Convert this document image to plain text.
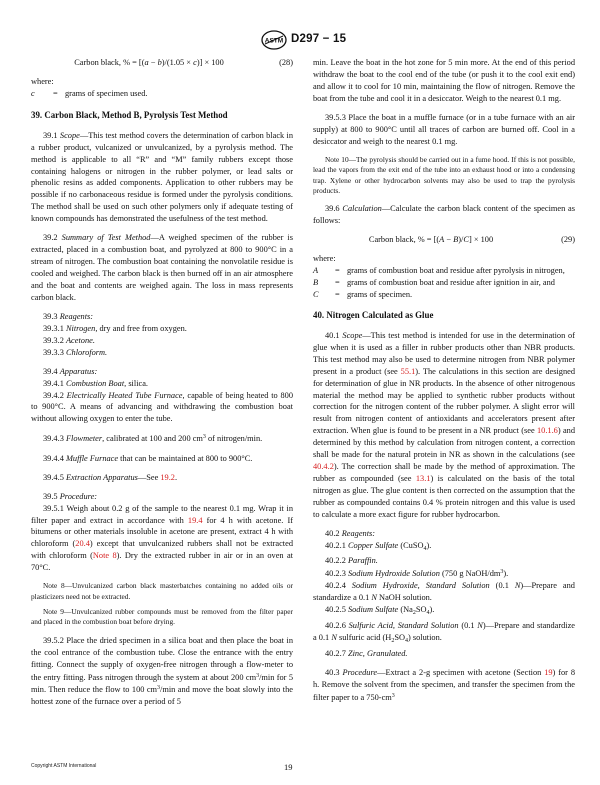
ASTM D297 − 15
Carbon black, % = [(a − b)/(1.05 × c)] × 100	(28)
where:
c	= grams of specimen used.
39. Carbon Black, Method B, Pyrolysis Test Method
39.1 Scope—This test method covers the determination of carbon black in a rubber product, vulcanized or unvulcanized, by a pyrolysis method. The method is applicable to all “R” and “M” family rubbers except those containing halogens or nitrogen in the rubber polymer, or lead salts or phenolic resins as added components. Application to other rubbers may be possible if no carbonaceous residue is formed under the pyrolysis conditions. The method shall be used on such other polymers only if adequate testing of known compounds has demonstrated the usefulness of the test method.
39.2 Summary of Test Method—A weighed specimen of the rubber is extracted, placed in a combustion boat, and pyrolyzed at 800 to 900°C in a stream of nitrogen. The combustion boat containing the nonvolatile residue is cooled and weighed. The carbon black is then burned off in an air atmosphere and the boat and contents are weighed again. The loss in mass represents carbon black.
39.3 Reagents:
39.3.1 Nitrogen, dry and free from oxygen.
39.3.2 Acetone.
39.3.3 Chloroform.
39.4 Apparatus:
39.4.1 Combustion Boat, silica.
39.4.2 Electrically Heated Tube Furnace, capable of being heated to 800 to 900°C. A means of advancing and withdrawing the combustion boat without allowing oxygen to enter the tube.
39.4.3 Flowmeter, calibrated at 100 and 200 $cm^3$ of nitrogen/min.
39.4.4 Muffle Furnace that can be maintained at 800 to 900°C.
39.4.5 Extraction Apparatus—See 19.2.
39.5 Procedure:
39.5.1 Weigh about 0.2 g of the sample to the nearest 0.1 mg. Wrap it in filter paper and extract in accordance with 19.4 for 4 h with acetone. If bitumens or other materials insoluble in acetone are present, extract 4 h with chloroform (20.4) except that unvulcanized rubbers shall not be extracted with chloroform (Note 8). Dry the extracted rubber in air or in an oven at 70°C.
Note 8—Unvulcanized carbon black masterbatches containing no added oils or plasticizers need not be extracted.
Note 9—Unvulcanized rubber compounds must be removed from the filter paper and placed in the combustion boat before drying.
39.5.2 Place the dried specimen in a silica boat and then place the boat in the cool entrance of the combustion tube. Close the entrance with the entry fitting. Connect the supply of oxygen-free nitrogen through a flow-meter to the entry fitting. Pass nitrogen through the system at about 200 $cm^3/\min$ for 5 min. Then reduce the flow to 100 $cm^3/\min$ and move the boat slowly into the hottest zone of the furnace over a period of 5
min. Leave the boat in the hot zone for 5 min more. At the end of this period withdraw the boat to the cool end of the tube (or push it to the cool exit end) and allow it to cool for 10 min, maintaining the flow of nitrogen. Remove the boat from the tube and cool it in a desiccator. Weigh to the nearest 0.1 mg.
39.5.3 Place the boat in a muffle furnace (or in a tube furnace with an air supply) at 800 to 900°C until all traces of carbon are burned off. Cool in a desiccator and weigh to the nearest 0.1 mg.
Note 10—The pyrolysis should be carried out in a fume hood. If this is not possible, lead the vapors from the exit end of the tube into an exhaust hood or into a condensing trap. Xylene or other hydrocarbon solvents may also be used to trap the pyrolysis products.
39.6 Calculation—Calculate the carbon black content of the specimen as follows:
Carbon black, % = [(A − B)/C] × 100	(29)
where:
A	= grams of combustion boat and residue after pyrolysis in nitrogen,
B	= grams of combustion boat and residue after ignition in air, and
C	= grams of specimen.
40. Nitrogen Calculated as Glue
40.1 Scope—This test method is intended for use in the determination of glue when it is used as a filler in rubber products other than NBR products. This test method may also be used to determine nitrogen from NBR polymer present in a product (see 55.1). The calculations in this section are designed for determination of glue in NR products. In the absence of other nitrogenous material the method may be applied to synthetic rubber products without correction for the nitrogen content of the rubber polymer. A slight error will result from nitrogen content of antioxidants and accelerators present after extraction. When glue is found to be present in a NR product (see 10.1.6) and determined by this method by calculation from nitrogen content, a correction shall be made for the natural protein in NR as shown in the calculations (see 40.4.2). The correction shall be made by the method of approximation. The rubber as compounded (see 13.1) is calculated on the basis of the total nitrogen as glue. The glue content is then corrected on the assumption that the rubber as compounded contains 0.4 % protein nitrogen and this value is used to calculate a more exact figure for rubber hydrocarbon.
40.2 Reagents:
40.2.1 Copper Sulfate (CuSO$_4$).
40.2.2 Paraffin.
40.2.3 Sodium Hydroxide Solution (750 g NaOH/$dm^3$).
40.2.4 Sodium Hydroxide, Standard Solution (0.1 N)—Prepare and standardize a 0.1 N NaOH solution.
40.2.5 Sodium Sulfate $(Na_2SO_4)$.
40.2.6 Sulfuric Acid, Standard Solution (0.1 N)—Prepare and standardize a 0.1 N sulfuric acid $(H_2SO_4)$ solution.
40.2.7 Zinc, Granulated.
40.3 Procedure—Extract a 2-g specimen with acetone (Section 19) for 8 h. Remove the solvent from the specimen, and transfer the specimen from the filter paper to a $750-cm^3$
Copyright ASTM International	19
